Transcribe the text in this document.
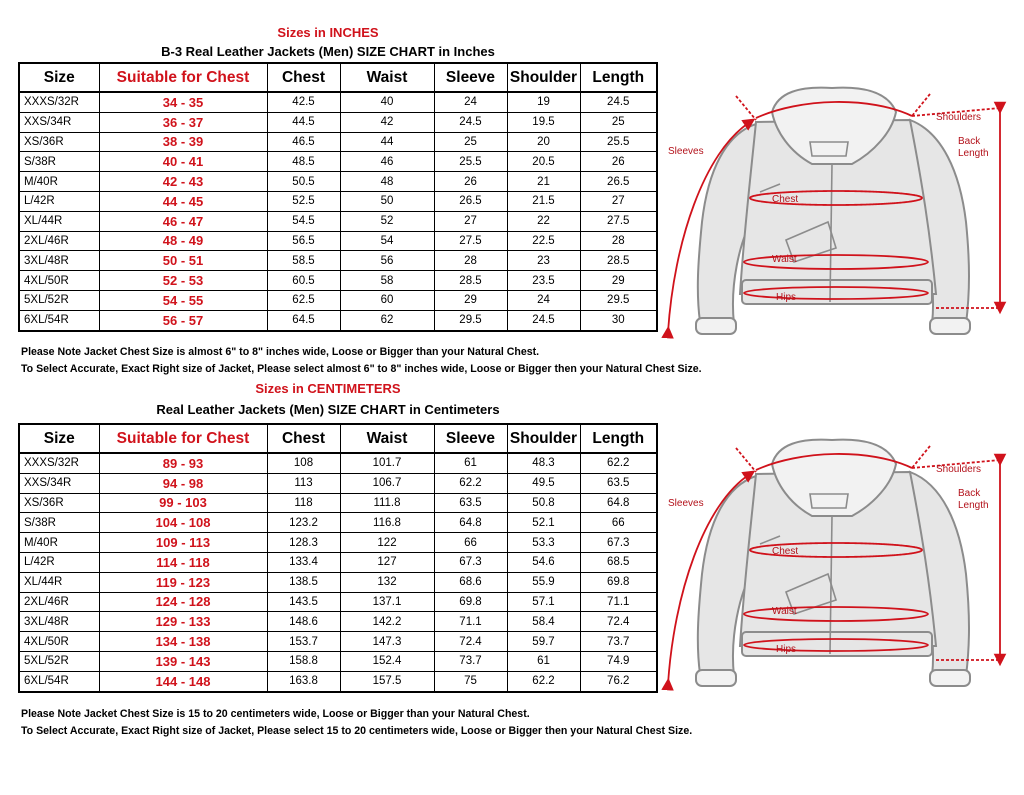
Sizes in INCHES
B-3 Real Leather Jackets (Men) SIZE CHART in Inches
Size	Suitable for Chest	Chest	Waist	Sleeve	Shoulder	Length
XXXS/32R	34 - 35	42.5	40	24	19	24.5
XXS/34R	36 - 37	44.5	42	24.5	19.5	25
XS/36R	38 - 39	46.5	44	25	20	25.5
S/38R	40 - 41	48.5	46	25.5	20.5	26
M/40R	42 - 43	50.5	48	26	21	26.5
L/42R	44 - 45	52.5	50	26.5	21.5	27
XL/44R	46 - 47	54.5	52	27	22	27.5
2XL/46R	48 - 49	56.5	54	27.5	22.5	28
3XL/48R	50 - 51	58.5	56	28	23	28.5
4XL/50R	52 - 53	60.5	58	28.5	23.5	29
5XL/52R	54 - 55	62.5	60	29	24	29.5
6XL/54R	56 - 57	64.5	62	29.5	24.5	30
Please Note Jacket Chest Size is almost 6" to 8" inches wide, Loose or Bigger than your Natural Chest.
To Select Accurate, Exact Right size of Jacket, Please select almost 6" to 8" inches wide, Loose or Bigger then your Natural Chest Size.
Sleeves
Shoulders
Back
Length
Chest
Waist
Hips
Sizes in CENTIMETERS
Real Leather Jackets (Men) SIZE CHART in Centimeters
Size	Suitable for Chest	Chest	Waist	Sleeve	Shoulder	Length
XXXS/32R	89 - 93	108	101.7	61	48.3	62.2
XXS/34R	94 - 98	113	106.7	62.2	49.5	63.5
XS/36R	99 - 103	118	111.8	63.5	50.8	64.8
S/38R	104 - 108	123.2	116.8	64.8	52.1	66
M/40R	109 - 113	128.3	122	66	53.3	67.3
L/42R	114 - 118	133.4	127	67.3	54.6	68.5
XL/44R	119 - 123	138.5	132	68.6	55.9	69.8
2XL/46R	124 - 128	143.5	137.1	69.8	57.1	71.1
3XL/48R	129 - 133	148.6	142.2	71.1	58.4	72.4
4XL/50R	134 - 138	153.7	147.3	72.4	59.7	73.7
5XL/52R	139 - 143	158.8	152.4	73.7	61	74.9
6XL/54R	144 - 148	163.8	157.5	75	62.2	76.2
Please Note Jacket Chest Size is 15 to 20 centimeters wide, Loose or Bigger than your Natural Chest.
To Select Accurate, Exact Right size of Jacket, Please select 15 to 20 centimeters wide, Loose or Bigger then your Natural Chest Size.
Sleeves
Shoulders
Back
Length
Chest
Waist
Hips
